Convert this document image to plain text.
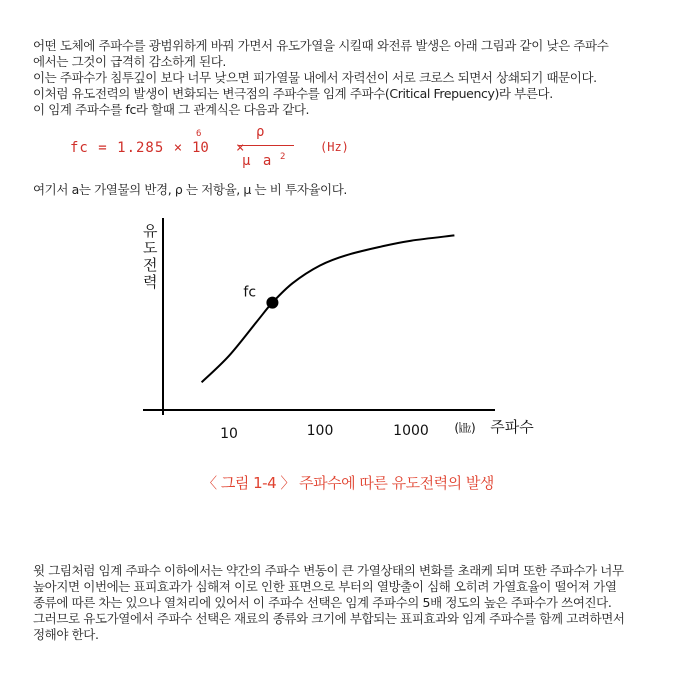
어떤 도체에 주파수를 광범위하게 바꿔 가면서 유도가열을 시킬때 와전류 발생은 아래 그림과 같이 낮은 주파수
에서는 그것이 급격히 감소하게 된다.
이는 주파수가 침투깊이 보다 너무 낮으면 피가열물 내에서 자력선이 서로 크로스 되면서 상쇄되기 때문이다.
이처럼 유도전력의 발생이 변화되는 변극점의 주파수를 임계 주파수(Critical Frepuency)라 부른다.
이 임계 주파수를 fc라 할때 그 관계식은 다음과 같다.
fc = 1.285 ×
6
10 ×
ρ
μ a 2
(Hz)
여기서 a는 가열물의 반경, ρ 는 저항율, μ 는 비 투자율이다.
유
도
전
력
fc
10	100	1000 (㎑) 주파수
〈 그림 1-4 〉 주파수에 따른 유도전력의 발생
윗 그림처럼 임계 주파수 이하에서는 약간의 주파수 변동이 큰 가열상태의 변화를 초래케 되며 또한 주파수가 너무
높아지면 이번에는 표피효과가 심해져 이로 인한 표면으로 부터의 열방출이 심해 오히려 가열효율이 떨어져 가열
종류에 따른 차는 있으나 열처리에 있어서 이 주파수 선택은 임계 주파수의 5배 정도의 높은 주파수가 쓰여진다.
그러므로 유도가열에서 주파수 선택은 재료의 종류와 크기에 부합되는 표피효과와 임계 주파수를 함께 고려하면서
정해야 한다.
